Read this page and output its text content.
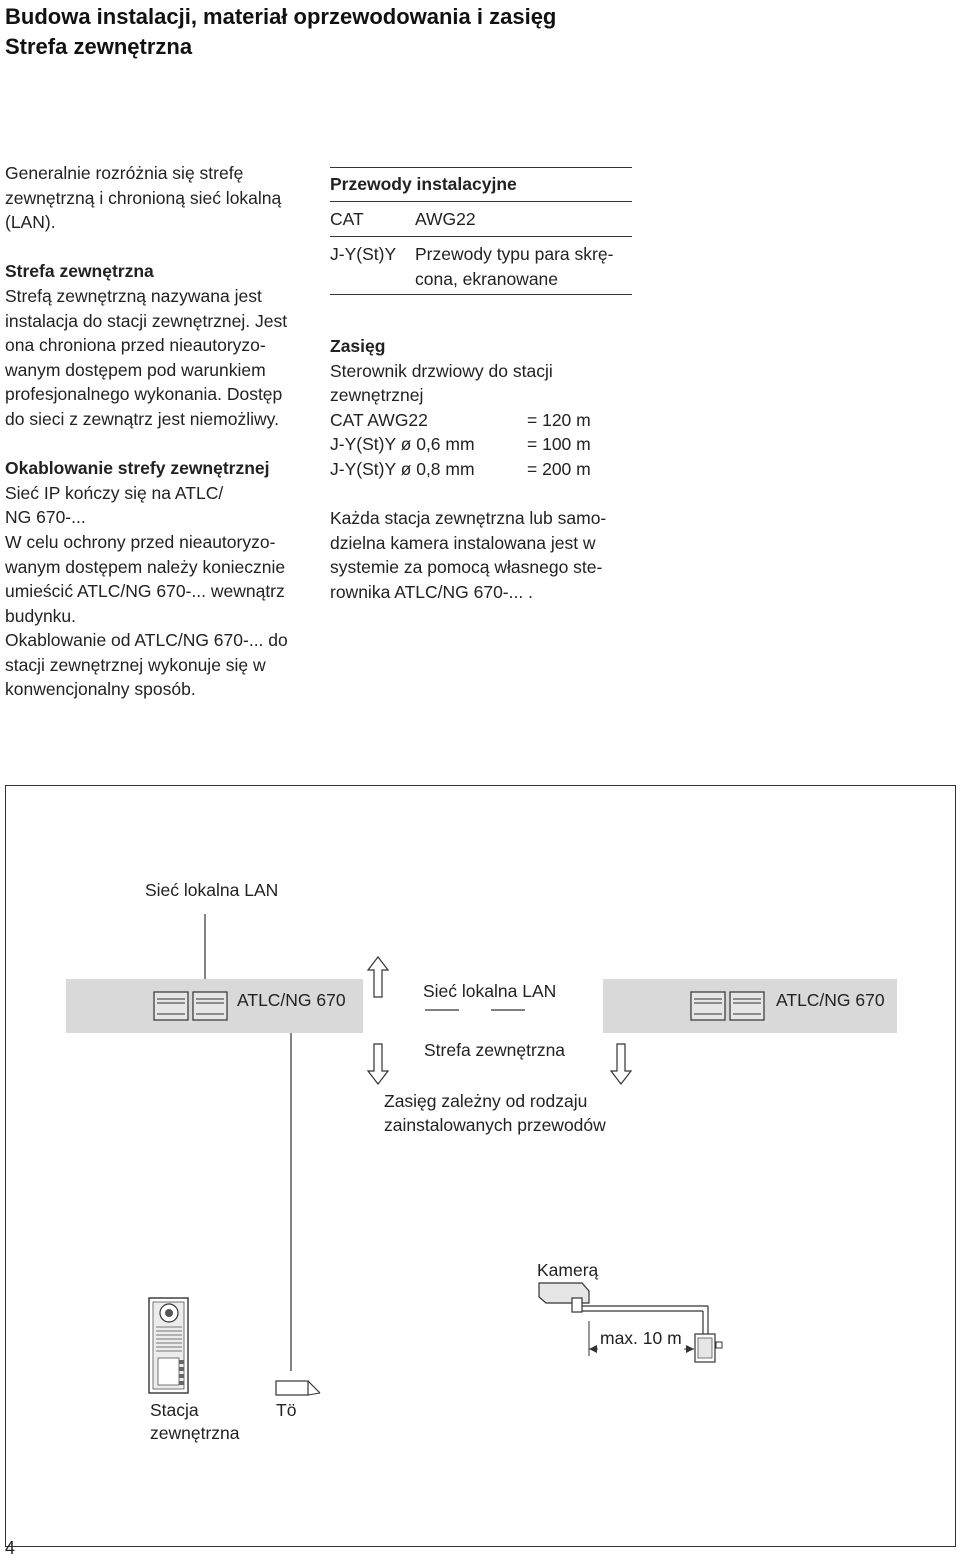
Budowa instalacji, materiał oprzewodowania i zasięg
Strefa zewnętrzna
Generalnie rozróżnia się strefę
zewnętrzną i chronioną sieć lokalną
(LAN).
Strefa zewnętrzna
Strefą zewnętrzną nazywana jest
instalacja do stacji zewnętrznej. Jest
ona chroniona przed nieautoryzo-
wanym dostępem pod warunkiem
profesjonalnego wykonania. Dostęp
do sieci z zewnątrz jest niemożliwy.
Okablowanie strefy zewnętrznej
Sieć IP kończy się na ATLC/
NG 670-...
W celu ochrony przed nieautoryzo-
wanym dostępem należy koniecznie
umieścić ATLC/NG 670-... wewnątrz
budynku.
Okablowanie od ATLC/NG 670-... do
stacji zewnętrznej wykonuje się w
konwencjonalny sposób.
Przewody instalacyjne
CAT	AWG22
J-Y(St)Y Przewody typu para skrę-
cona, ekranowane
Zasięg
Sterownik drzwiowy do stacji
zewnętrznej
CAT AWG22	= 120 m
J-Y(St)Y ø 0,6 mm	= 100 m
J-Y(St)Y ø 0,8 mm	= 200 m
Każda stacja zewnętrzna lub samo-
dzielna kamera instalowana jest w
systemie za pomocą własnego ste-
rownika ATLC/NG 670-... .
Sieć lokalna LAN
ATLC/NG 670	ATLC/NG 670
Sieć lokalna LAN
Strefa zewnętrzna
Zasięg zależny od rodzaju
zainstalowanych przewodów
Kamerą
max. 10 m
Stacja
zewnętrzna
Tö
4
